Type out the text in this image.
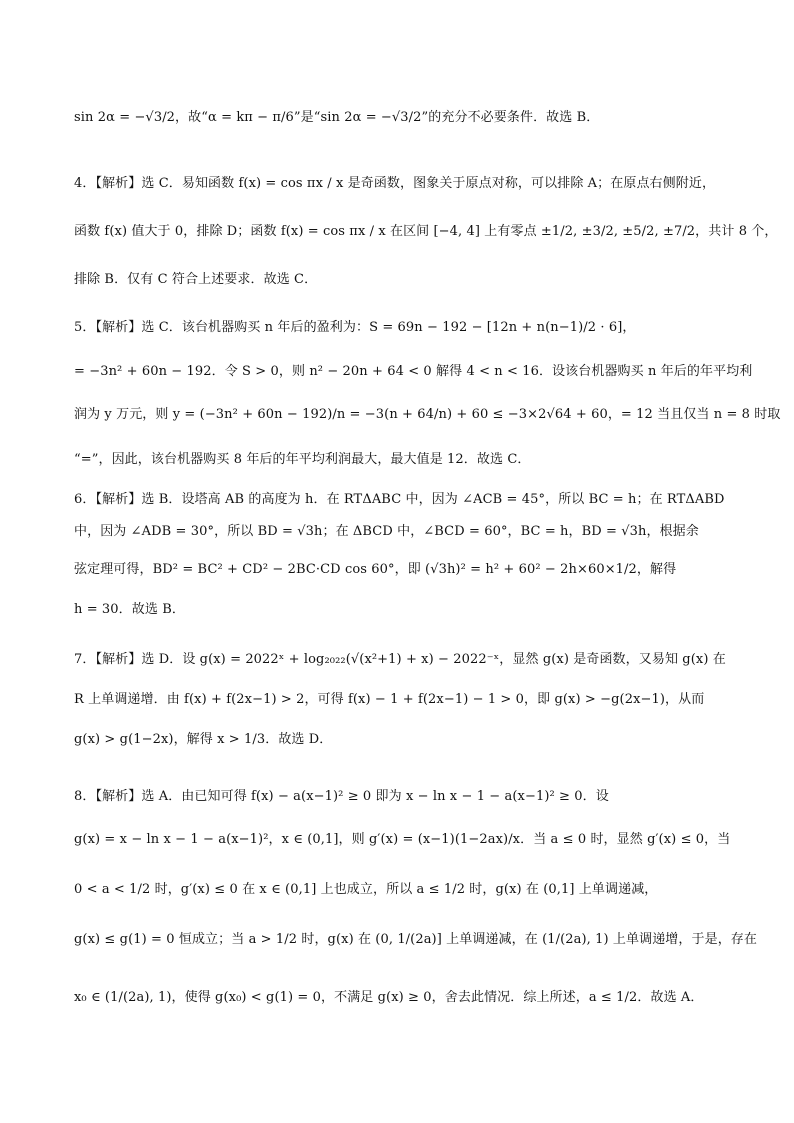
sin 2α = −√3/2，故“α = kπ − π/6”是“sin 2α = −√3/2”的充分不必要条件．故选 B．
4．【解析】选 C．易知函数 f(x) = cos πx / x 是奇函数，图象关于原点对称，可以排除 A；在原点右侧附近，
函数 f(x) 值大于 0，排除 D；函数 f(x) = cos πx / x 在区间 [−4, 4] 上有零点 ±1/2, ±3/2, ±5/2, ±7/2，共计 8 个，
排除 B．仅有 C 符合上述要求．故选 C．
5．【解析】选 C．该台机器购买 n 年后的盈利为：S = 69n − 192 − [12n + n(n−1)/2 · 6]，
= −3n² + 60n − 192．令 S > 0，则 n² − 20n + 64 < 0 解得 4 < n < 16．设该台机器购买 n 年后的年平均利
润为 y 万元，则 y = (−3n² + 60n − 192)/n = −3(n + 64/n) + 60 ≤ −3×2√64 + 60，= 12 当且仅当 n = 8 时取
“=”，因此，该台机器购买 8 年后的年平均利润最大，最大值是 12．故选 C．
6．【解析】选 B．设塔高 AB 的高度为 h．在 RTΔABC 中，因为 ∠ACB = 45°，所以 BC = h；在 RTΔABD
中，因为 ∠ADB = 30°，所以 BD = √3h；在 ΔBCD 中，∠BCD = 60°，BC = h，BD = √3h，根据余
弦定理可得，BD² = BC² + CD² − 2BC·CD cos 60°，即 (√3h)² = h² + 60² − 2h×60×1/2，解得
h = 30．故选 B．
7．【解析】选 D．设 g(x) = 2022ˣ + log₂₀₂₂(√(x²+1) + x) − 2022⁻ˣ，显然 g(x) 是奇函数，又易知 g(x) 在
R 上单调递增．由 f(x) + f(2x−1) > 2，可得 f(x) − 1 + f(2x−1) − 1 > 0，即 g(x) > −g(2x−1)，从而
g(x) > g(1−2x)，解得 x > 1/3．故选 D．
8．【解析】选 A．由已知可得 f(x) − a(x−1)² ≥ 0 即为 x − ln x − 1 − a(x−1)² ≥ 0．设
g(x) = x − ln x − 1 − a(x−1)²，x ∈ (0,1]，则 g′(x) = (x−1)(1−2ax)/x．当 a ≤ 0 时，显然 g′(x) ≤ 0，当
0 < a < 1/2 时，g′(x) ≤ 0 在 x ∈ (0,1] 上也成立，所以 a ≤ 1/2 时，g(x) 在 (0,1] 上单调递减，
g(x) ≤ g(1) = 0 恒成立；当 a > 1/2 时，g(x) 在 (0, 1/(2a)] 上单调递减，在 (1/(2a), 1) 上单调递增，于是，存在
x₀ ∈ (1/(2a), 1)，使得 g(x₀) < g(1) = 0，不满足 g(x) ≥ 0，舍去此情况．综上所述，a ≤ 1/2．故选 A．
